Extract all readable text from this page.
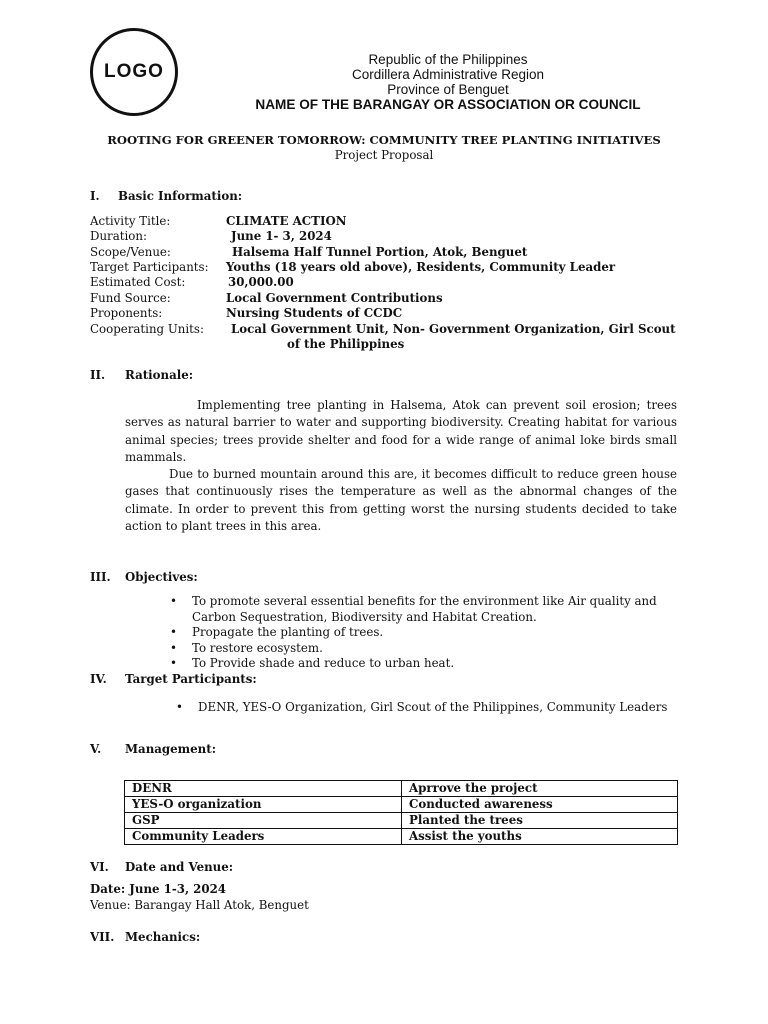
LOGO
Republic of the Philippines
Cordillera Administrative Region
Province of Benguet
NAME OF THE BARANGAY OR ASSOCIATION OR COUNCIL
ROOTING FOR GREENER TOMORROW: COMMUNITY TREE PLANTING INITIATIVES
Project Proposal
I. Basic Information:
Activity Title:	CLIMATE ACTION
Duration:	June 1- 3, 2024
Scope/Venue:	Halsema Half Tunnel Portion, Atok, Benguet
Target Participants: Youths (18 years old above), Residents, Community Leader
Estimated Cost:	30,000.00
Fund Source:	Local Government Contributions
Proponents:	Nursing Students of CCDC
Cooperating Units: Local Government Unit, Non- Government Organization, Girl Scout
of the Philippines
II. Rationale:
Implementing tree planting in Halsema, Atok can prevent soil erosion; trees serves as natural barrier to water and supporting biodiversity. Creating habitat for various animal species; trees provide shelter and food for a wide range of animal loke birds small mammals.
Due to burned mountain around this are, it becomes difficult to reduce green house gases that continuously rises the temperature as well as the abnormal changes of the climate. In order to prevent this from getting worst the nursing students decided to take action to plant trees in this area.
III. Objectives:
• To promote several essential benefits for the environment like Air quality and Carbon Sequestration, Biodiversity and Habitat Creation.
• Propagate the planting of trees.
• To restore ecosystem.
• To Provide shade and reduce to urban heat.
IV. Target Participants:
• DENR, YES-O Organization, Girl Scout of the Philippines, Community Leaders
V. Management:
DENR	Aprrove the project
YES-O organization	Conducted awareness
GSP	Planted the trees
Community Leaders	Assist the youths
VI. Date and Venue:
Date: June 1-3, 2024
Venue: Barangay Hall Atok, Benguet
VII. Mechanics:
